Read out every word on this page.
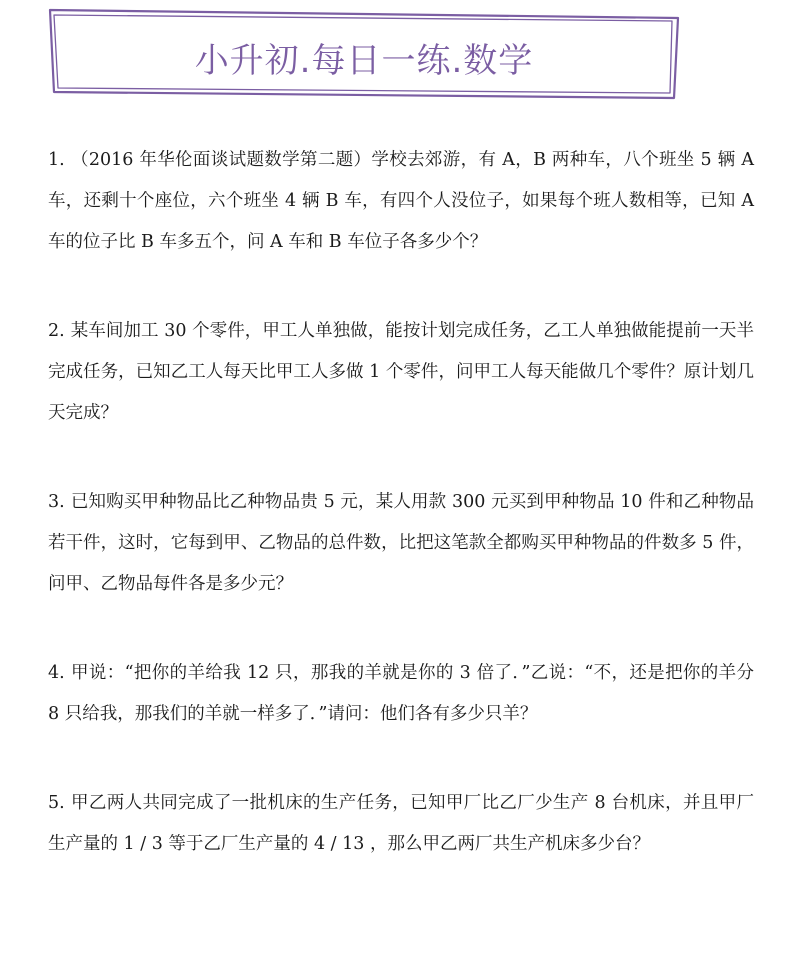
小升初.每日一练.数学

1. （2016 年华伦面谈试题数学第二题）学校去郊游，有 A，B 两种车，八个班坐 5 辆 A 车，还剩十个座位，六个班坐 4 辆 B 车，有四个人没位子，如果每个班人数相等，已知 A 车的位子比 B 车多五个，问 A 车和 B 车位子各多少个？

2. 某车间加工 30 个零件，甲工人单独做，能按计划完成任务，乙工人单独做能提前一天半完成任务，已知乙工人每天比甲工人多做 1 个零件，问甲工人每天能做几个零件？原计划几天完成？

3. 已知购买甲种物品比乙种物品贵 5 元，某人用款 300 元买到甲种物品 10 件和乙种物品若干件，这时，它每到甲、乙物品的总件数，比把这笔款全都购买甲种物品的件数多 5 件，问甲、乙物品每件各是多少元？

4. 甲说：“把你的羊给我 12 只，那我的羊就是你的 3 倍了．”乙说：“不，还是把你的羊分 8 只给我，那我们的羊就一样多了．”请问：他们各有多少只羊？

5. 甲乙两人共同完成了一批机床的生产任务，已知甲厂比乙厂少生产 8 台机床，并且甲厂生产量的 1 / 3 等于乙厂生产量的 4 / 13 ，那么甲乙两厂共生产机床多少台？
